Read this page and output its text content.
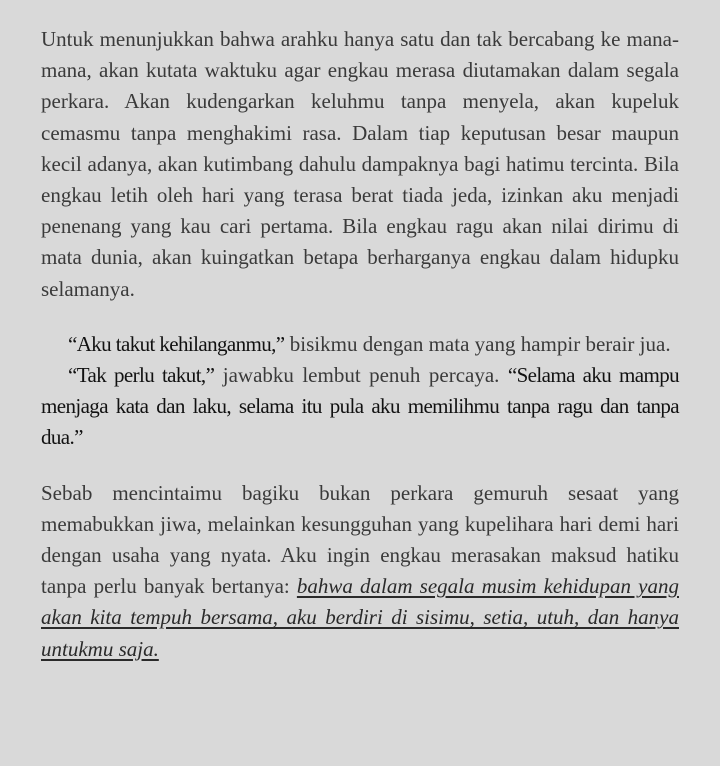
Untuk menunjukkan bahwa arahku hanya satu dan tak bercabang ke mana-mana, akan kutata waktuku agar engkau merasa diutamakan dalam segala perkara. Akan kudengarkan keluhmu tanpa menyela, akan kupeluk cemasmu tanpa menghakimi rasa. Dalam tiap keputusan besar maupun kecil adanya, akan kutimbang dahulu dampaknya bagi hatimu tercinta. Bila engkau letih oleh hari yang terasa berat tiada jeda, izinkan aku menjadi penenang yang kau cari pertama. Bila engkau ragu akan nilai dirimu di mata dunia, akan kuingatkan betapa berharganya engkau dalam hidupku selamanya.

“Aku takut kehilanganmu,” bisikmu dengan mata yang hampir berair jua.

“Tak perlu takut,” jawabku lembut penuh percaya. “Selama aku mampu menjaga kata dan laku, selama itu pula aku memilihmu tanpa ragu dan tanpa dua.”

Sebab mencintaimu bagiku bukan perkara gemuruh sesaat yang memabukkan jiwa, melainkan kesungguhan yang kupelihara hari demi hari dengan usaha yang nyata. Aku ingin engkau merasakan maksud hatiku tanpa perlu banyak bertanya: bahwa dalam segala musim kehidupan yang akan kita tempuh bersama, aku berdiri di sisimu, setia, utuh, dan hanya untukmu saja.
